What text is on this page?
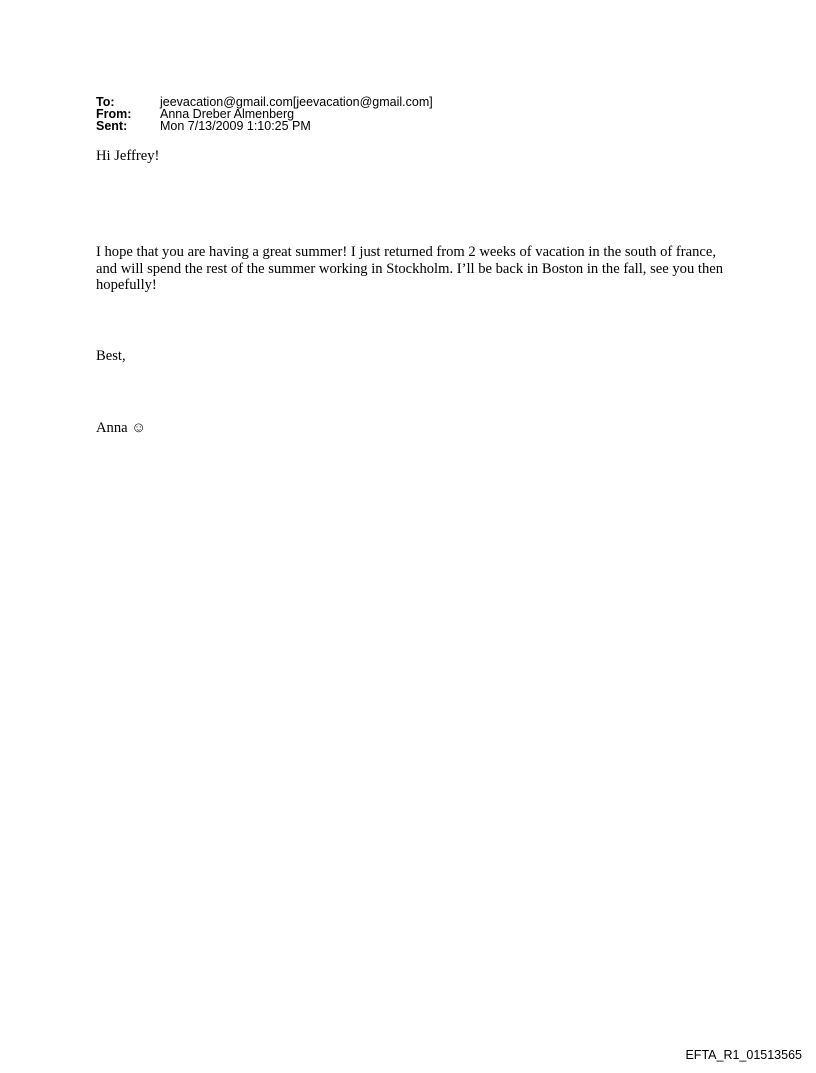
To:	jeevacation@gmail.com[jeevacation@gmail.com]
From:	Anna Dreber Almenberg
Sent:	Mon 7/13/2009 1:10:25 PM

Hi Jeffrey!

I hope that you are having a great summer! I just returned from 2 weeks of vacation in the south of france, and will spend the rest of the summer working in Stockholm. I’ll be back in Boston in the fall, see you then hopefully!

Best,

Anna ☺

EFTA_R1_01513565
